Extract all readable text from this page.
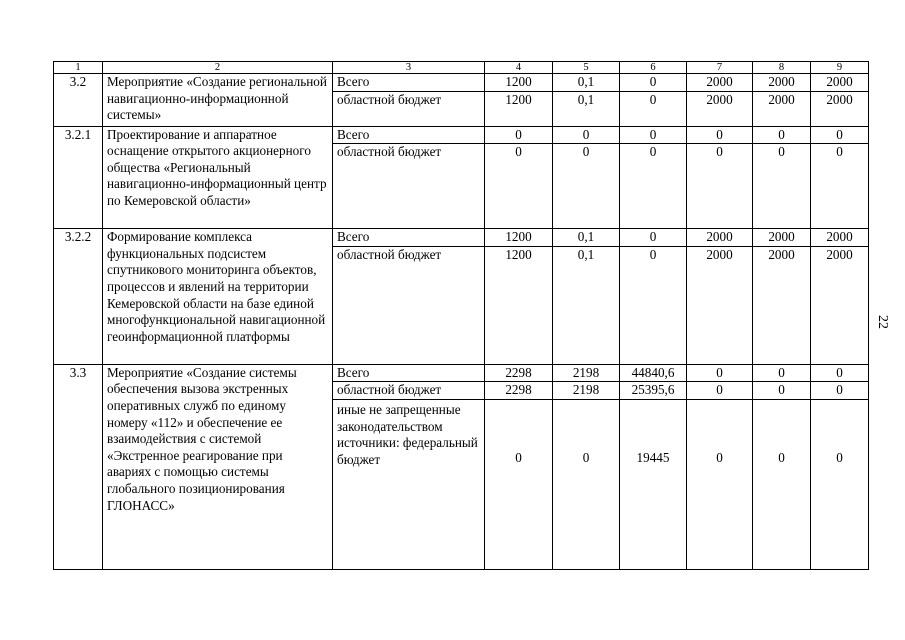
1	2	3	4	5	6	7	8	9
3.2	Мероприятие «Создание региональной навигационно-информационной системы»	Всего	1200	0,1	0	2000	2000	2000
		областной бюджет	1200	0,1	0	2000	2000	2000
3.2.1	Проектирование и аппаратное оснащение открытого акционерного общества «Региональный навигационно-информационный центр по Кемеровской области»	Всего	0	0	0	0	0	0
		областной бюджет	0	0	0	0	0	0
3.2.2	Формирование комплекса функциональных подсистем спутникового мониторинга объектов, процессов и явлений на территории Кемеровской области на базе единой многофункциональной навигационной геоинформационной платформы	Всего	1200	0,1	0	2000	2000	2000
		областной бюджет	1200	0,1	0	2000	2000	2000
3.3	Мероприятие «Создание системы обеспечения вызова экстренных оперативных служб по единому номеру «112» и обеспечение ее взаимодействия с системой «Экстренное реагирование при авариях с помощью системы глобального позиционирования ГЛОНАСС»	Всего	2298	2198	44840,6	0	0	0
		областной бюджет	2298	2198	25395,6	0	0	0
		иные не запрещенные законодательством источники: федеральный бюджет	0	0	19445	0	0	0
22
